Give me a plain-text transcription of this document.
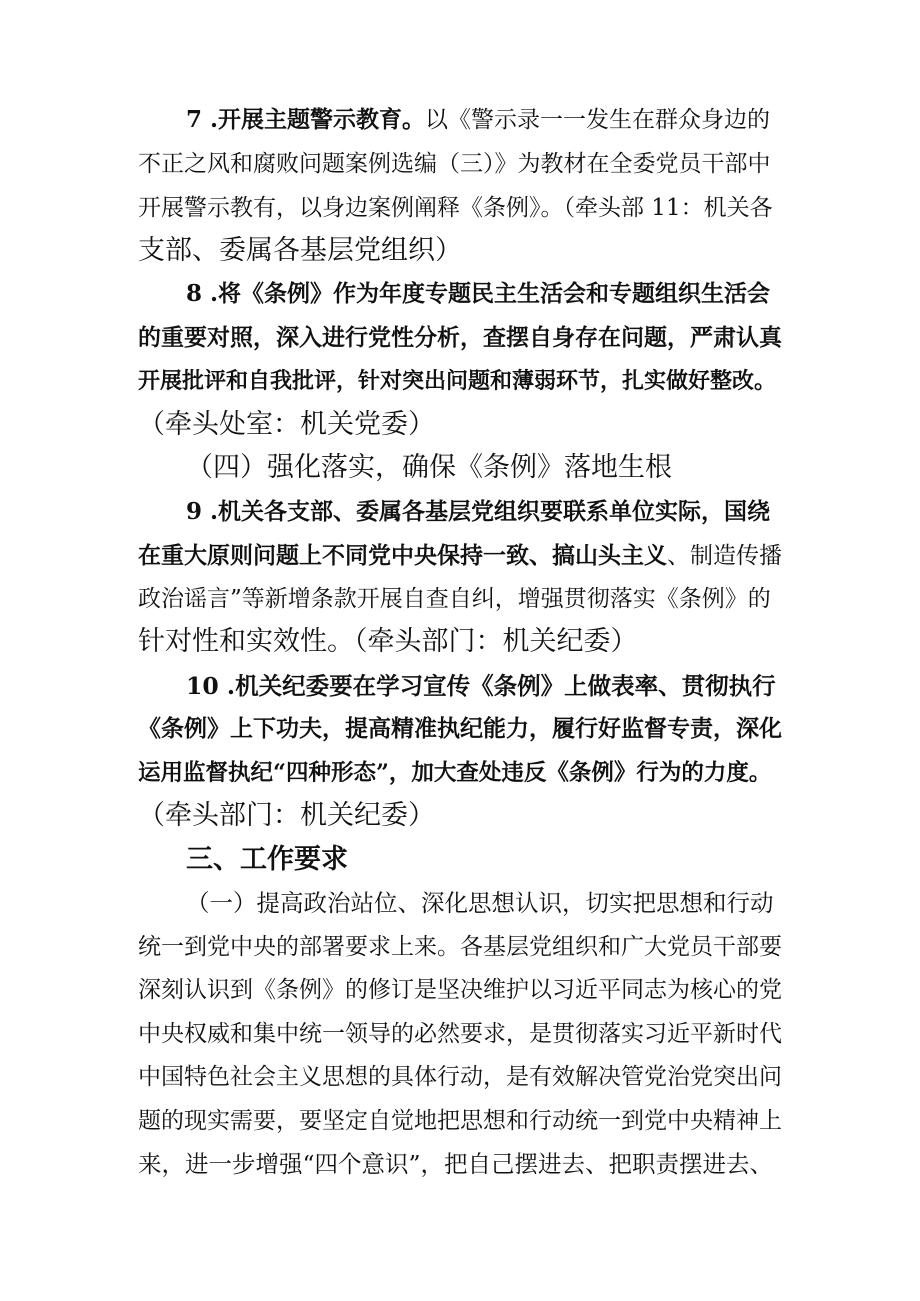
7 .开展主题警示教育。以《警示录一一发生在群众身边的
不正之风和腐败问题案例选编（三）》为教材在全委党员干部中
开展警示教有，以身边案例阐释《条例》。（牵头部 11：机关各
支部、委属各基层党组织）
8 .将《条例》作为年度专题民主生活会和专题组织生活会
的重要对照，深入进行党性分析，查摆自身存在问题，严肃认真
开展批评和自我批评，针对突出问题和薄弱环节，扎实做好整改。
（牵头处室：机关党委）
（四）强化落实，确保《条例》落地生根
9 .机关各支部、委属各基层党组织要联系单位实际，国绕
在重大原则问题上不同党中央保持一致、搞山头主义、制造传播
政治谣言”等新增条款开展自查自纠，增强贯彻落实《条例》的
针对性和实效性。（牵头部门：机关纪委）
10 .机关纪委要在学习宣传《条例》上做表率、贯彻执行
《条例》上下功夫，提高精准执纪能力，履行好监督专责，深化
运用监督执纪“四种形态”，加大查处违反《条例》行为的力度。
（牵头部门：机关纪委）
三、工作要求
（一）提高政治站位、深化思想认识，切实把思想和行动
统一到党中央的部署要求上来。各基层党组织和广大党员干部要
深刻认识到《条例》的修订是坚决维护以习近平同志为核心的党
中央权威和集中统一领导的必然要求，是贯彻落实习近平新时代
中国特色社会主义思想的具体行动，是有效解决管党治党突出问
题的现实需要，要坚定自觉地把思想和行动统一到党中央精神上
来，进一步增强“四个意识”，把自己摆进去、把职责摆进去、
